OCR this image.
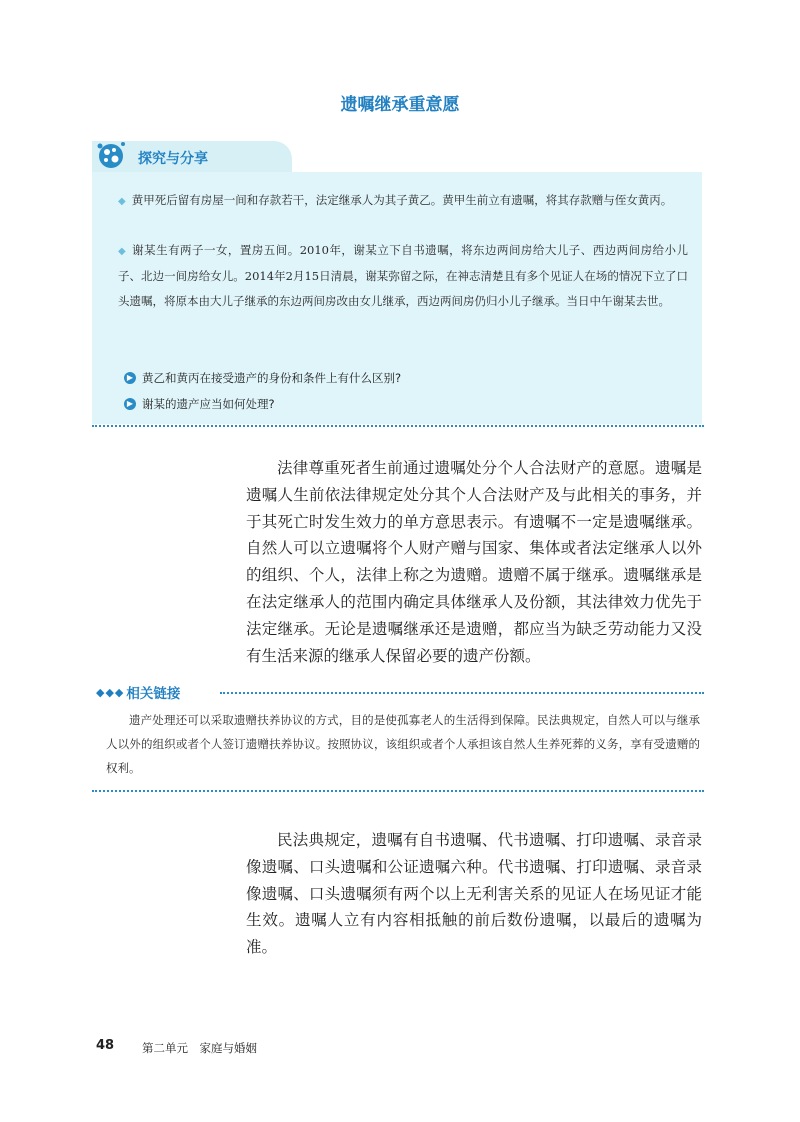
遗嘱继承重意愿
探究与分享

◆ 黄甲死后留有房屋一间和存款若干，法定继承人为其子黄乙。黄甲生前立有遗嘱，将其存款赠与侄女黄丙。

◆ 谢某生有两子一女，置房五间。2010年，谢某立下自书遗嘱，将东边两间房给大儿子、西边两间房给小儿子、北边一间房给女儿。2014年2月15日清晨，谢某弥留之际，在神志清楚且有多个见证人在场的情况下立了口头遗嘱，将原本由大儿子继承的东边两间房改由女儿继承，西边两间房仍归小儿子继承。当日中午谢某去世。

▶ 黄乙和黄丙在接受遗产的身份和条件上有什么区别?

▶ 谢某的遗产应当如何处理?

法律尊重死者生前通过遗嘱处分个人合法财产的意愿。遗嘱是遗嘱人生前依法律规定处分其个人合法财产及与此相关的事务，并于其死亡时发生效力的单方意思表示。有遗嘱不一定是遗嘱继承。自然人可以立遗嘱将个人财产赠与国家、集体或者法定继承人以外的组织、个人，法律上称之为遗赠。遗赠不属于继承。遗嘱继承是在法定继承人的范围内确定具体继承人及份额，其法律效力优先于法定继承。无论是遗嘱继承还是遗赠，都应当为缺乏劳动能力又没有生活来源的继承人保留必要的遗产份额。

◆◆◆ 相关链接

遗产处理还可以采取遗赠扶养协议的方式，目的是使孤寡老人的生活得到保障。民法典规定，自然人可以与继承人以外的组织或者个人签订遗赠扶养协议。按照协议，该组织或者个人承担该自然人生养死葬的义务，享有受遗赠的权利。

民法典规定，遗嘱有自书遗嘱、代书遗嘱、打印遗嘱、录音录像遗嘱、口头遗嘱和公证遗嘱六种。代书遗嘱、打印遗嘱、录音录像遗嘱、口头遗嘱须有两个以上无利害关系的见证人在场见证才能生效。遗嘱人立有内容相抵触的前后数份遗嘱，以最后的遗嘱为准。

48 第二单元　家庭与婚姻
